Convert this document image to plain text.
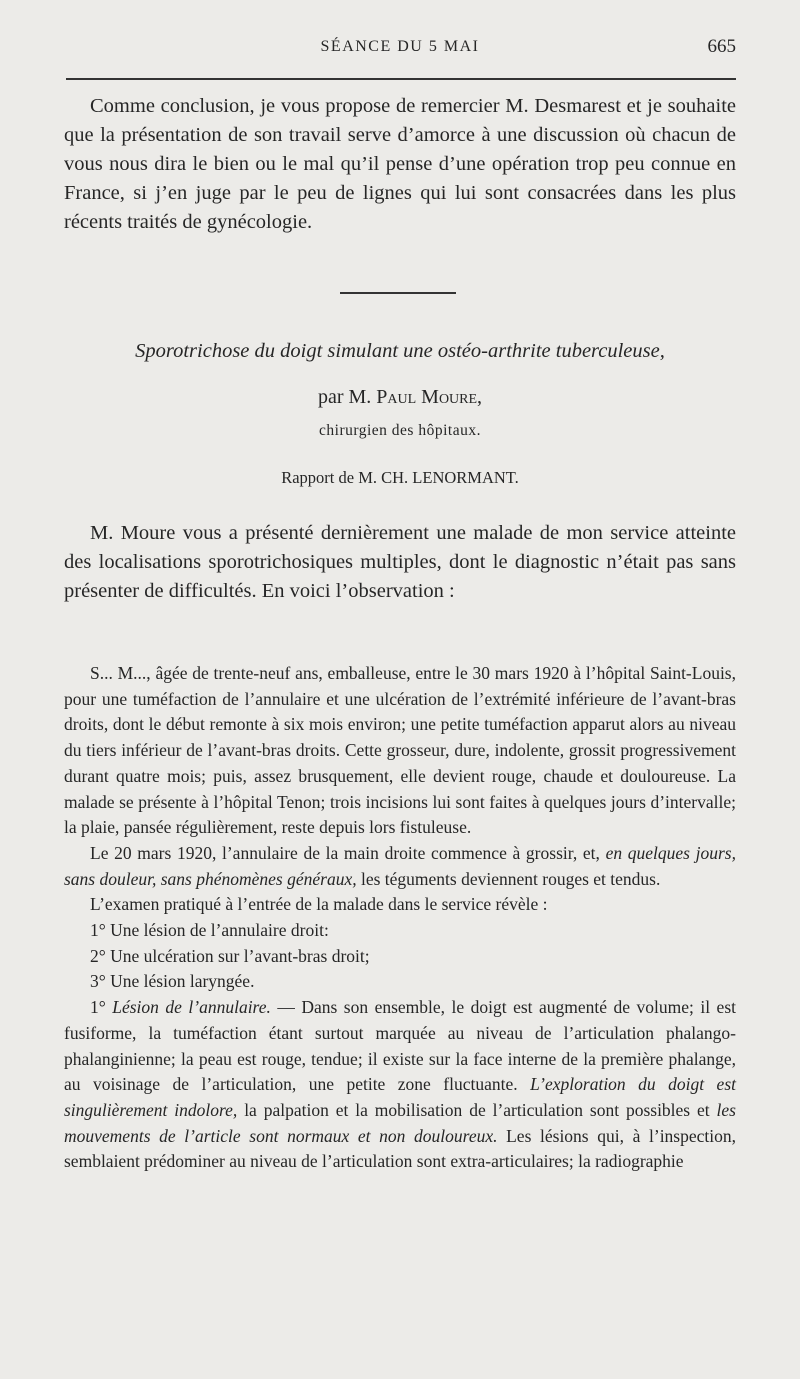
SÉANCE DU 5 MAI	665

Comme conclusion, je vous propose de remercier M. Desmarest et je souhaite que la présentation de son travail serve d’amorce à une discussion où chacun de vous nous dira le bien ou le mal qu’il pense d’une opération trop peu connue en France, si j’en juge par le peu de lignes qui lui sont consacrées dans les plus récents traités de gynécologie.

Sporotrichose du doigt simulant une ostéo-arthrite tuberculeuse,
par M. Paul Moure,
chirurgien des hôpitaux.
Rapport de M. CH. LENORMANT.

M. Moure vous a présenté dernièrement une malade de mon service atteinte des localisations sporotrichosiques multiples, dont le diagnostic n’était pas sans présenter de difficultés. En voici l’observation :

S... M..., âgée de trente-neuf ans, emballeuse, entre le 30 mars 1920 à l’hôpital Saint-Louis, pour une tuméfaction de l’annulaire et une ulcération de l’extrémité inférieure de l’avant-bras droits, dont le début remonte à six mois environ; une petite tuméfaction apparut alors au niveau du tiers inférieur de l’avant-bras droits. Cette grosseur, dure, indolente, grossit progressivement durant quatre mois; puis, assez brusquement, elle devient rouge, chaude et douloureuse. La malade se présente à l’hôpital Tenon; trois incisions lui sont faites à quelques jours d’intervalle; la plaie, pansée régulièrement, reste depuis lors fistuleuse.

Le 20 mars 1920, l’annulaire de la main droite commence à grossir, et, en quelques jours, sans douleur, sans phénomènes généraux, les téguments deviennent rouges et tendus.

L’examen pratiqué à l’entrée de la malade dans le service révèle :

1° Une lésion de l’annulaire droit:
2° Une ulcération sur l’avant-bras droit;
3° Une lésion laryngée.

1° Lésion de l’annulaire. — Dans son ensemble, le doigt est augmenté de volume; il est fusiforme, la tuméfaction étant surtout marquée au niveau de l’articulation phalango-phalanginienne; la peau est rouge, tendue; il existe sur la face interne de la première phalange, au voisinage de l’articulation, une petite zone fluctuante. L’exploration du doigt est singulièrement indolore, la palpation et la mobilisation de l’articulation sont possibles et les mouvements de l’article sont normaux et non douloureux. Les lésions qui, à l’inspection, semblaient prédominer au niveau de l’articulation sont extra-articulaires; la radiographie
